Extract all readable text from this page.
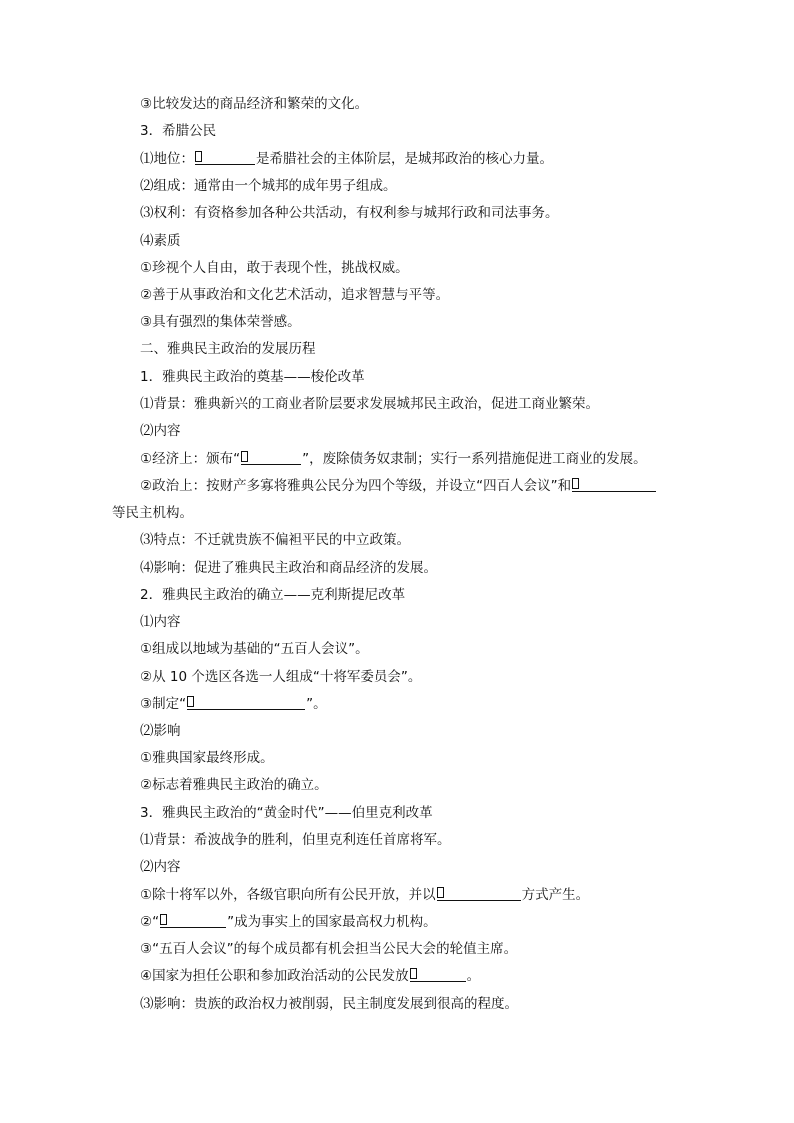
③比较发达的商品经济和繁荣的文化。
3．希腊公民
⑴地位：	是希腊社会的主体阶层，是城邦政治的核心力量。
⑵组成：通常由一个城邦的成年男子组成。
⑶权利：有资格参加各种公共活动，有权利参与城邦行政和司法事务。
⑷素质
①珍视个人自由，敢于表现个性，挑战权威。
②善于从事政治和文化艺术活动，追求智慧与平等。
③具有强烈的集体荣誉感。
二、雅典民主政治的发展历程
1．雅典民主政治的奠基——梭伦改革
⑴背景：雅典新兴的工商业者阶层要求发展城邦民主政治，促进工商业繁荣。
⑵内容
①经济上：颁布“	”，废除债务奴隶制；实行一系列措施促进工商业的发展。
②政治上：按财产多寡将雅典公民分为四个等级，并设立“四百人会议”和
等民主机构。
⑶特点：不迁就贵族不偏袒平民的中立政策。
⑷影响：促进了雅典民主政治和商品经济的发展。
2．雅典民主政治的确立——克利斯提尼改革
⑴内容
①组成以地域为基础的“五百人会议”。
②从 10 个选区各选一人组成“十将军委员会”。
③制定“	”。
⑵影响
①雅典国家最终形成。
②标志着雅典民主政治的确立。
3．雅典民主政治的“黄金时代”——伯里克利改革
⑴背景：希波战争的胜利，伯里克利连任首席将军。
⑵内容
①除十将军以外，各级官职向所有公民开放，并以	方式产生。
②“	”成为事实上的国家最高权力机构。
③“五百人会议”的每个成员都有机会担当公民大会的轮值主席。
④国家为担任公职和参加政治活动的公民发放	。
⑶影响：贵族的政治权力被削弱，民主制度发展到很高的程度。
